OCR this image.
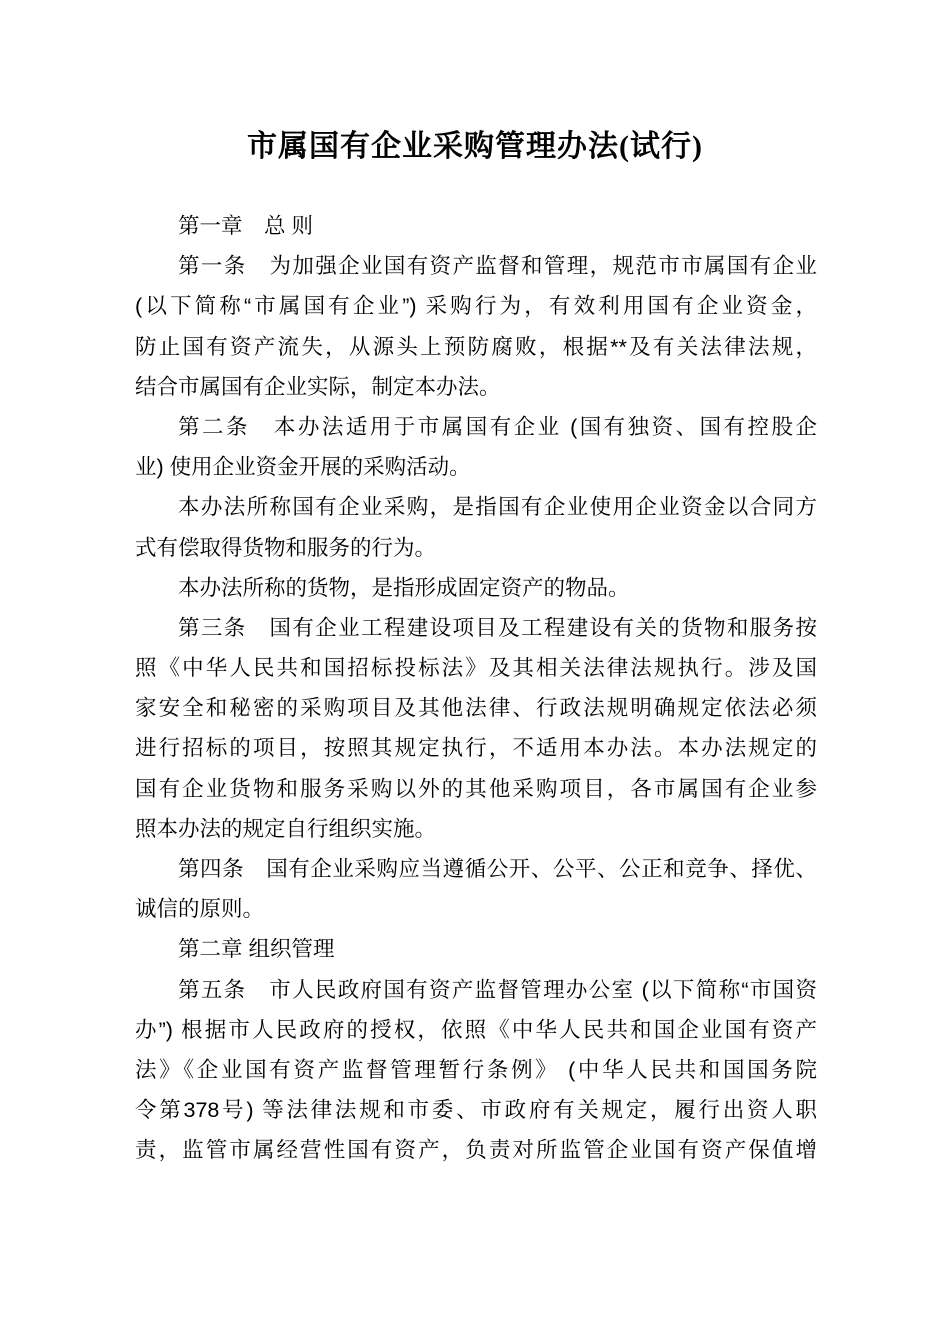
市属国有企业采购管理办法(试行)
第一章　总 则
第一条　为加强企业国有资产监督和管理，规范市市属国有企业
(以下简称“市属国有企业”) 采购行为，有效利用国有企业资金，
防止国有资产流失，从源头上预防腐败，根据**及有关法律法规，
结合市属国有企业实际，制定本办法。
第二条　本办法适用于市属国有企业 (国有独资、国有控股企
业) 使用企业资金开展的采购活动。
本办法所称国有企业采购，是指国有企业使用企业资金以合同方
式有偿取得货物和服务的行为。
本办法所称的货物，是指形成固定资产的物品。
第三条　国有企业工程建设项目及工程建设有关的货物和服务按
照《中华人民共和国招标投标法》及其相关法律法规执行。涉及国
家安全和秘密的采购项目及其他法律、行政法规明确规定依法必须
进行招标的项目，按照其规定执行，不适用本办法。本办法规定的
国有企业货物和服务采购以外的其他采购项目，各市属国有企业参
照本办法的规定自行组织实施。
第四条　国有企业采购应当遵循公开、公平、公正和竞争、择优、
诚信的原则。
第二章 组织管理
第五条　市人民政府国有资产监督管理办公室 (以下简称“市国资
办”) 根据市人民政府的授权，依照《中华人民共和国企业国有资产
法》《企业国有资产监督管理暂行条例》 (中华人民共和国国务院
令第378号) 等法律法规和市委、市政府有关规定，履行出资人职
责，监管市属经营性国有资产，负责对所监管企业国有资产保值增
